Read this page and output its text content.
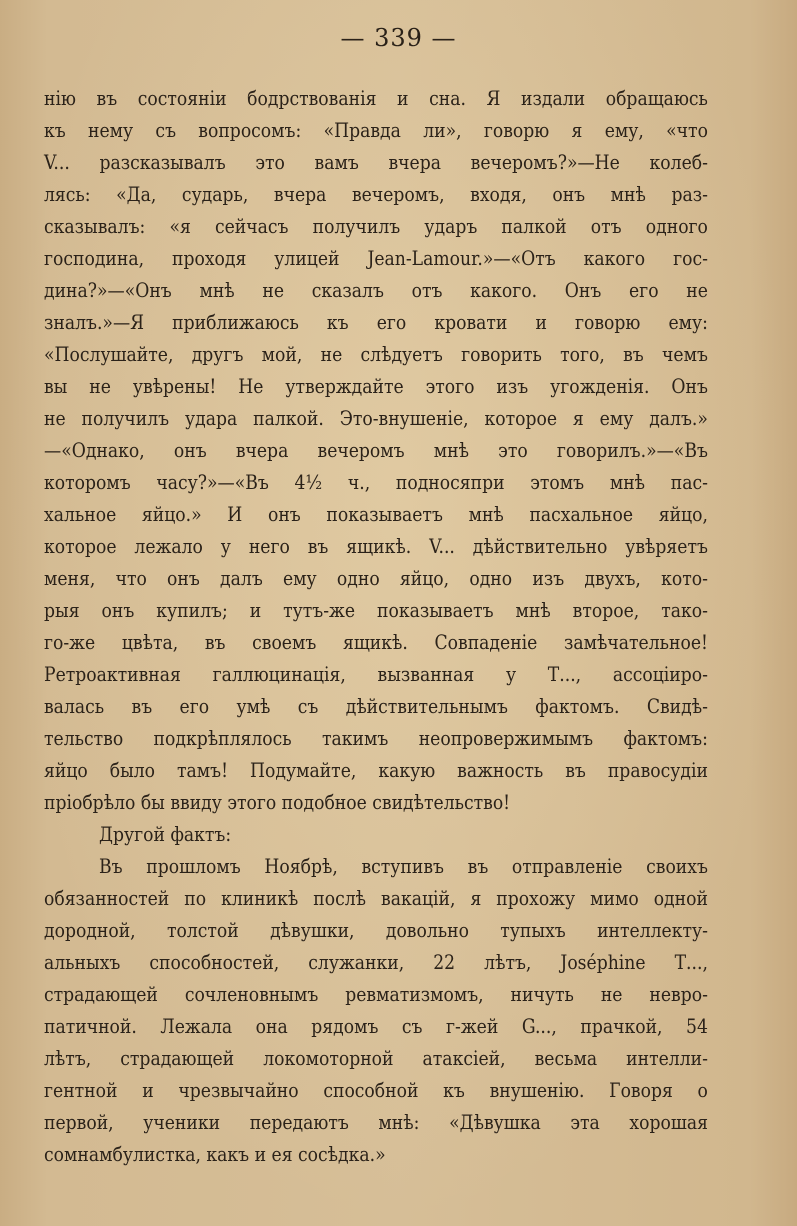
— 339 —
нію въ состояніи бодрствованія и сна. Я издали обращаюсь
къ нему съ вопросомъ: «Правда ли», говорю я ему, «что
V... разсказывалъ это вамъ вчера вечеромъ?»—Не колеб-
лясь: «Да, сударь, вчера вечеромъ, входя, онъ мнѣ раз-
сказывалъ: «я сейчасъ получилъ ударъ палкой отъ одного
господина, проходя улицей Jean-Lamour.»—«Отъ какого гос-
дина?»—«Онъ мнѣ не сказалъ отъ какого. Онъ его не
зналъ.»—Я приближаюсь къ его кровати и говорю ему:
«Послушайте, другъ мой, не слѣдуетъ говорить того, въ чемъ
вы не увѣрены! Не утверждайте этого изъ угожденія. Онъ
не получилъ удара палкой. Это-внушеніе, которое я ему далъ.»
—«Однако, онъ вчера вечеромъ мнѣ это говорилъ.»—«Въ
которомъ часу?»—«Въ 4½ ч., подносяпри этомъ мнѣ пас-
хальное яйцо.» И онъ показываетъ мнѣ пасхальное яйцо,
которое лежало у него въ ящикѣ. V... дѣйствительно увѣряетъ
меня, что онъ далъ ему одно яйцо, одно изъ двухъ, кото-
рыя онъ купилъ; и тутъ-же показываетъ мнѣ второе, тако-
го-же цвѣта, въ своемъ ящикѣ. Совпаденіе замѣчательное!
Ретроактивная галлюцинація, вызванная у Т..., ассоціиро-
валась въ его умѣ съ дѣйствительнымъ фактомъ. Свидѣ-
тельство подкрѣплялось такимъ неопровержимымъ фактомъ:
яйцо было тамъ! Подумайте, какую важность въ правосудіи
пріобрѣло бы ввиду этого подобное свидѣтельство!
Другой фактъ:
Въ прошломъ Ноябрѣ, вступивъ въ отправленіе своихъ
обязанностей по клиникѣ послѣ вакацій, я прохожу мимо одной
дородной, толстой дѣвушки, довольно тупыхъ интеллекту-
альныхъ способностей, служанки, 22 лѣтъ, Joséphine Т...,
страдающей сочленовнымъ ревматизмомъ, ничуть не невро-
патичной. Лежала она рядомъ съ г-жей G..., прачкой, 54
лѣтъ, страдающей локомоторной атаксіей, весьма интелли-
гентной и чрезвычайно способной къ внушенію. Говоря о
первой, ученики передаютъ мнѣ: «Дѣвушка эта хорошая
сомнамбулистка, какъ и ея сосѣдка.»
